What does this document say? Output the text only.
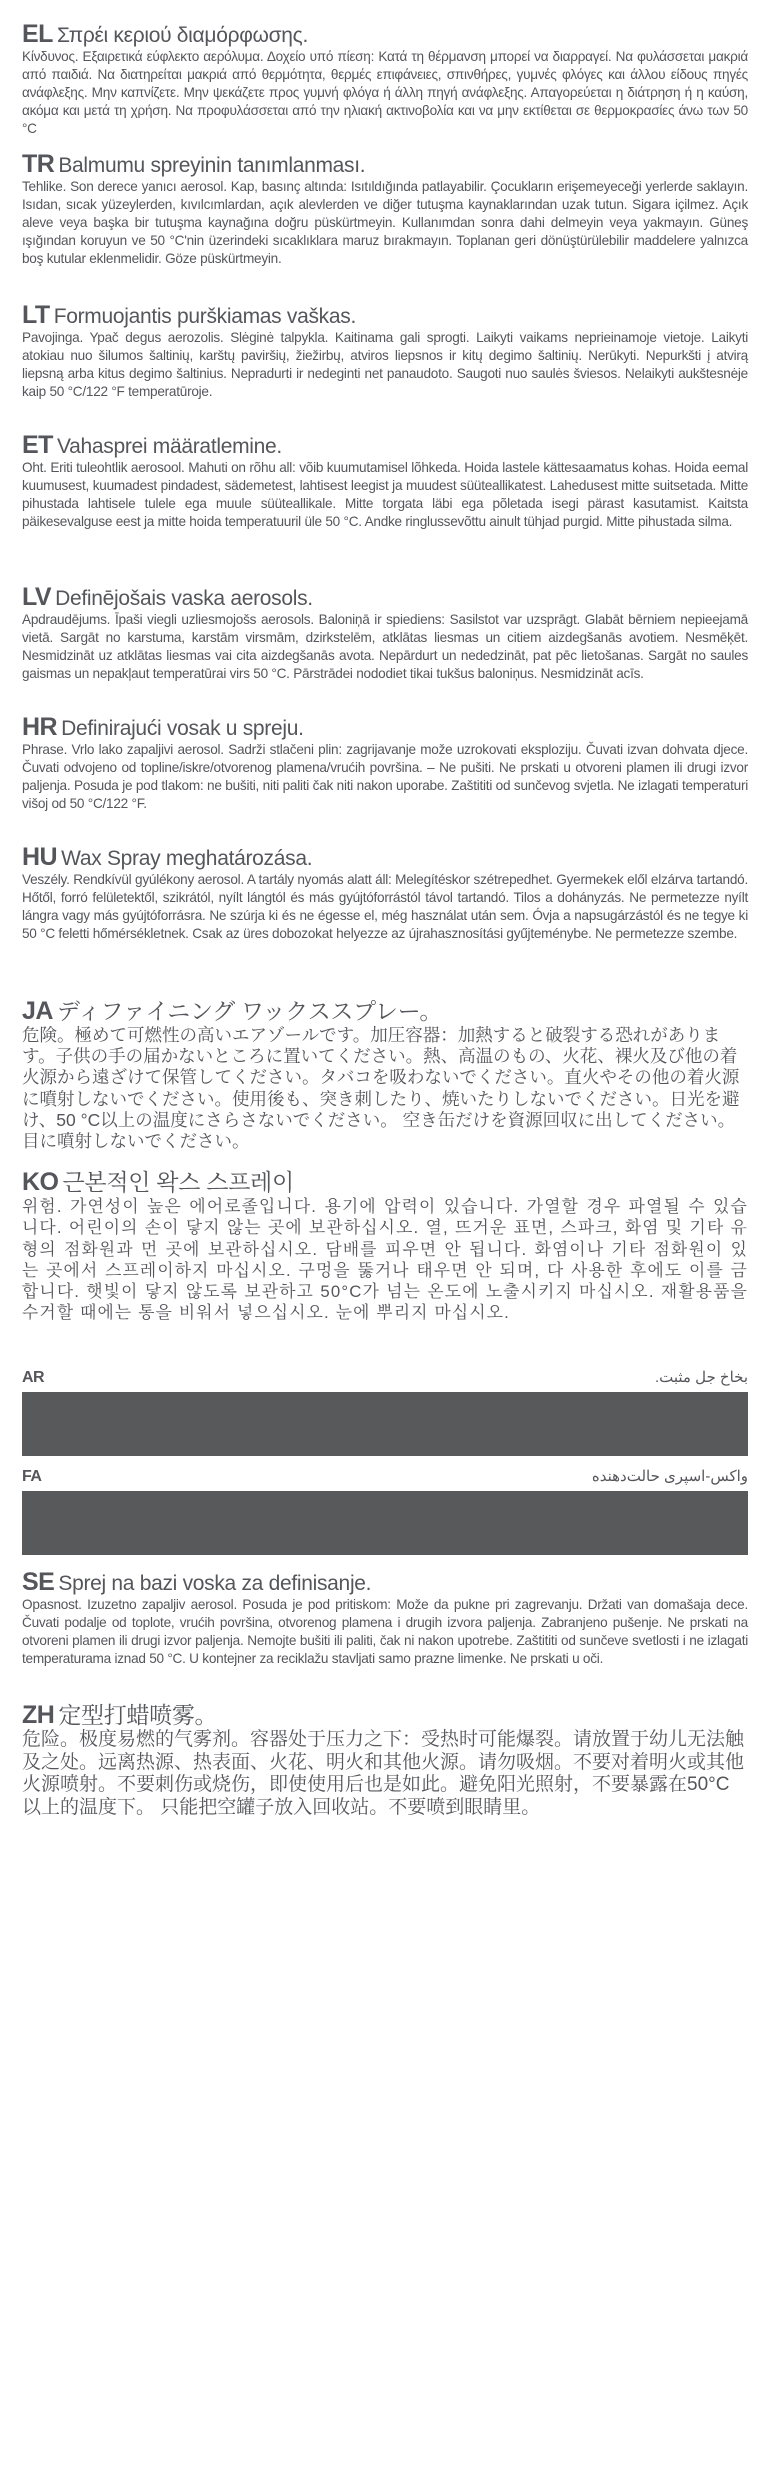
EL Σπρέι κεριού διαμόρφωσης.
Κίνδυνος. Εξαιρετικά εύφλεκτο αερόλυμα. Δοχείο υπό πίεση: Κατά τη θέρμανση μπορεί να διαρραγεί. Να φυλάσσεται μακριά από παιδιά. Να διατηρείται μακριά από θερμότητα, θερμές επιφάνειες, σπινθήρες, γυμνές φλόγες και άλλου είδους πηγές ανάφλεξης. Μην καπνίζετε. Μην ψεκάζετε προς γυμνή φλόγα ή άλλη πηγή ανάφλεξης. Απαγορεύεται η διάτρηση ή η καύση, ακόμα και μετά τη χρήση. Να προφυλάσσεται από την ηλιακή ακτινοβολία και να μην εκτίθεται σε θερμοκρασίες άνω των 50 °C
TR Balmumu spreyinin tanımlanması.
Tehlike. Son derece yanıcı aerosol. Kap, basınç altında: Isıtıldığında patlayabilir. Çocukların erişemeyeceği yerlerde saklayın. Isıdan, sıcak yüzeylerden, kıvılcımlardan, açık alevlerden ve diğer tutuşma kaynaklarından uzak tutun. Sigara içilmez. Açık aleve veya başka bir tutuşma kaynağına doğru püskürtmeyin. Kullanımdan sonra dahi delmeyin veya yakmayın. Güneş ışığından koruyun ve 50 °C'nin üzerindeki sıcaklıklara maruz bırakmayın. Toplanan geri dönüştürülebilir maddelere yalnızca boş kutular eklenmelidir. Göze püskürtmeyin.
LT Formuojantis purškiamas vaškas.
Pavojinga. Ypač degus aerozolis. Slėginė talpykla. Kaitinama gali sprogti. Laikyti vaikams neprieinamoje vietoje. Laikyti atokiau nuo šilumos šaltinių, karštų paviršių, žiežirbų, atviros liepsnos ir kitų degimo šaltinių. Nerūkyti. Nepurkšti į atvirą liepsną arba kitus degimo šaltinius. Nepradurti ir nedeginti net panaudoto. Saugoti nuo saulės šviesos. Nelaikyti aukštesnėje kaip 50 °C/122 °F temperatūroje.
ET Vahasprei määratlemine.
Oht. Eriti tuleohtlik aerosool. Mahuti on rõhu all: võib kuumutamisel lõhkeda. Hoida lastele kättesaamatus kohas. Hoida eemal kuumusest, kuumadest pindadest, sädemetest, lahtisest leegist ja muudest süüteallikatest. Lahedusest mitte suitsetada. Mitte pihustada lahtisele tulele ega muule süüteallikale. Mitte torgata läbi ega põletada isegi pärast kasutamist. Kaitsta päikesevalguse eest ja mitte hoida temperatuuril üle 50 °C. Andke ringlussevõttu ainult tühjad purgid. Mitte pihustada silma.
LV Definējošais vaska aerosols.
Apdraudējums. Īpaši viegli uzliesmojošs aerosols. Baloniņā ir spiediens: Sasilstot var uzsprāgt. Glabāt bērniem nepieejamā vietā. Sargāt no karstuma, karstām virsmām, dzirkstelēm, atklātas liesmas un citiem aizdegšanās avotiem. Nesmēķēt. Nesmidzināt uz atklātas liesmas vai cita aizdegšanās avota. Nepārdurt un nededzināt, pat pēc lietošanas. Sargāt no saules gaismas un nepakļaut temperatūrai virs 50 °C. Pārstrādei nododiet tikai tukšus baloniņus. Nesmidzināt acīs.
HR Definirajući vosak u spreju.
Phrase. Vrlo lako zapaljivi aerosol. Sadrži stlačeni plin: zagrijavanje može uzrokovati eksploziju. Čuvati izvan dohvata djece. Čuvati odvojeno od topline/iskre/otvorenog plamena/vrućih površina. – Ne pušiti. Ne prskati u otvoreni plamen ili drugi izvor paljenja. Posuda je pod tlakom: ne bušiti, niti paliti čak niti nakon uporabe. Zaštititi od sunčevog svjetla. Ne izlagati temperaturi višoj od 50 °C/122 °F.
HU Wax Spray meghatározása.
Veszély. Rendkívül gyúlékony aerosol. A tartály nyomás alatt áll: Melegítéskor szétrepedhet. Gyermekek elől elzárva tartandó. Hőtől, forró felületektől, szikrától, nyílt lángtól és más gyújtóforrástól távol tartandó. Tilos a dohányzás. Ne permetezze nyílt lángra vagy más gyújtóforrásra. Ne szúrja ki és ne égesse el, még használat után sem. Óvja a napsugárzástól és ne tegye ki 50 °C feletti hőmérsékletnek. Csak az üres dobozokat helyezze az újrahasznosítási gyűjteménybe. Ne permetezze szembe.
JA ディファイニング ワックススプレー。
危険。極めて可燃性の高いエアゾールです。加圧容器：加熱すると破裂する恐れがあります。子供の手の届かないところに置いてください。熱、高温のもの、火花、裸火及び他の着火源から遠ざけて保管してください。タバコを吸わないでください。直火やその他の着火源に噴射しないでください。使用後も、突き刺したり、焼いたりしないでください。日光を避け、50 °C以上の温度にさらさないでください。 空き缶だけを資源回収に出してください。目に噴射しないでください。
KO 근본적인 왁스 스프레이
위험. 가연성이 높은 에어로졸입니다. 용기에 압력이 있습니다. 가열할 경우 파열될 수 있습니다. 어린이의 손이 닿지 않는 곳에 보관하십시오. 열, 뜨거운 표면, 스파크, 화염 및 기타 유형의 점화원과 먼 곳에 보관하십시오. 담배를 피우면 안 됩니다. 화염이나 기타 점화원이 있는 곳에서 스프레이하지 마십시오. 구멍을 뚫거나 태우면 안 되며, 다 사용한 후에도 이를 금합니다. 햇빛이 닿지 않도록 보관하고 50°C가 넘는 온도에 노출시키지 마십시오. 재활용품을 수거할 때에는 통을 비워서 넣으십시오. 눈에 뿌리지 마십시오.
AR	بخاخ جل مثبت.
FA	واکس-اسپری حالت‌دهنده
SE Sprej na bazi voska za definisanje.
Opasnost. Izuzetno zapaljiv aerosol. Posuda je pod pritiskom: Može da pukne pri zagrevanju. Držati van domašaja dece. Čuvati podalje od toplote, vrućih površina, otvorenog plamena i drugih izvora paljenja. Zabranjeno pušenje. Ne prskati na otvoreni plamen ili drugi izvor paljenja. Nemojte bušiti ili paliti, čak ni nakon upotrebe. Zaštititi od sunčeve svetlosti i ne izlagati temperaturama iznad 50 °C. U kontejner za reciklažu stavljati samo prazne limenke. Ne prskati u oči.
ZH 定型打蜡喷雾。
危险。极度易燃的气雾剂。容器处于压力之下：受热时可能爆裂。请放置于幼儿无法触及之处。远离热源、热表面、火花、明火和其他火源。请勿吸烟。不要对着明火或其他火源喷射。不要刺伤或烧伤，即使使用后也是如此。避免阳光照射，不要暴露在50°C以上的温度下。 只能把空罐子放入回收站。不要喷到眼睛里。
